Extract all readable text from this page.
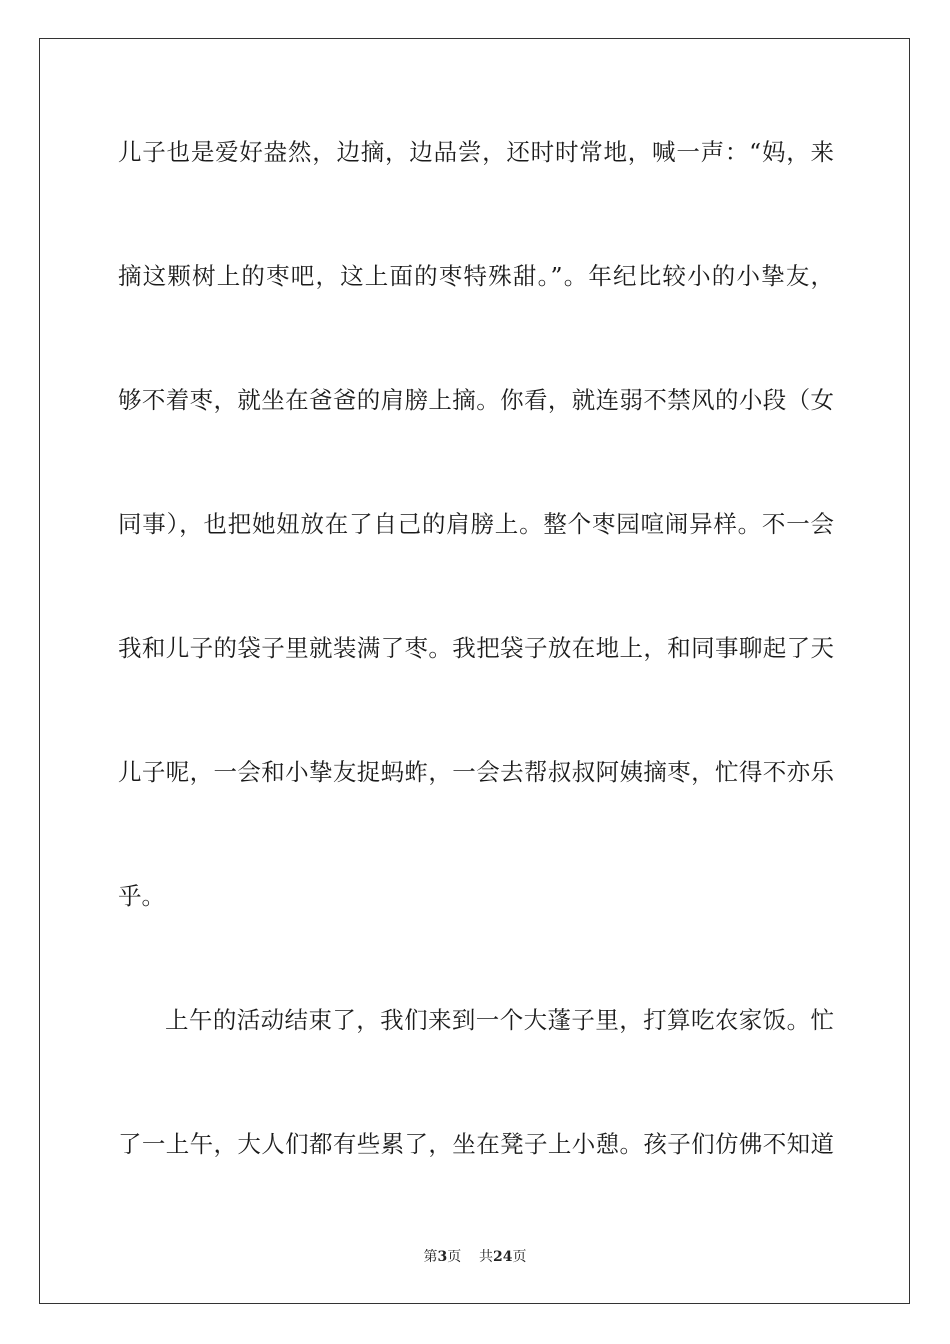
儿子也是爱好盎然，边摘，边品尝，还时时常地，喊一声：“妈，来
摘这颗树上的枣吧，这上面的枣特殊甜。”。年纪比较小的小挚友，
够不着枣，就坐在爸爸的肩膀上摘。你看，就连弱不禁风的小段（女
同事），也把她妞放在了自己的肩膀上。整个枣园喧闹异样。不一会
我和儿子的袋子里就装满了枣。我把袋子放在地上，和同事聊起了天
儿子呢，一会和小挚友捉蚂蚱，一会去帮叔叔阿姨摘枣，忙得不亦乐
乎。
上午的活动结束了，我们来到一个大蓬子里，打算吃农家饭。忙
了一上午，大人们都有些累了，坐在凳子上小憩。孩子们仿佛不知道
第3页 共24页
